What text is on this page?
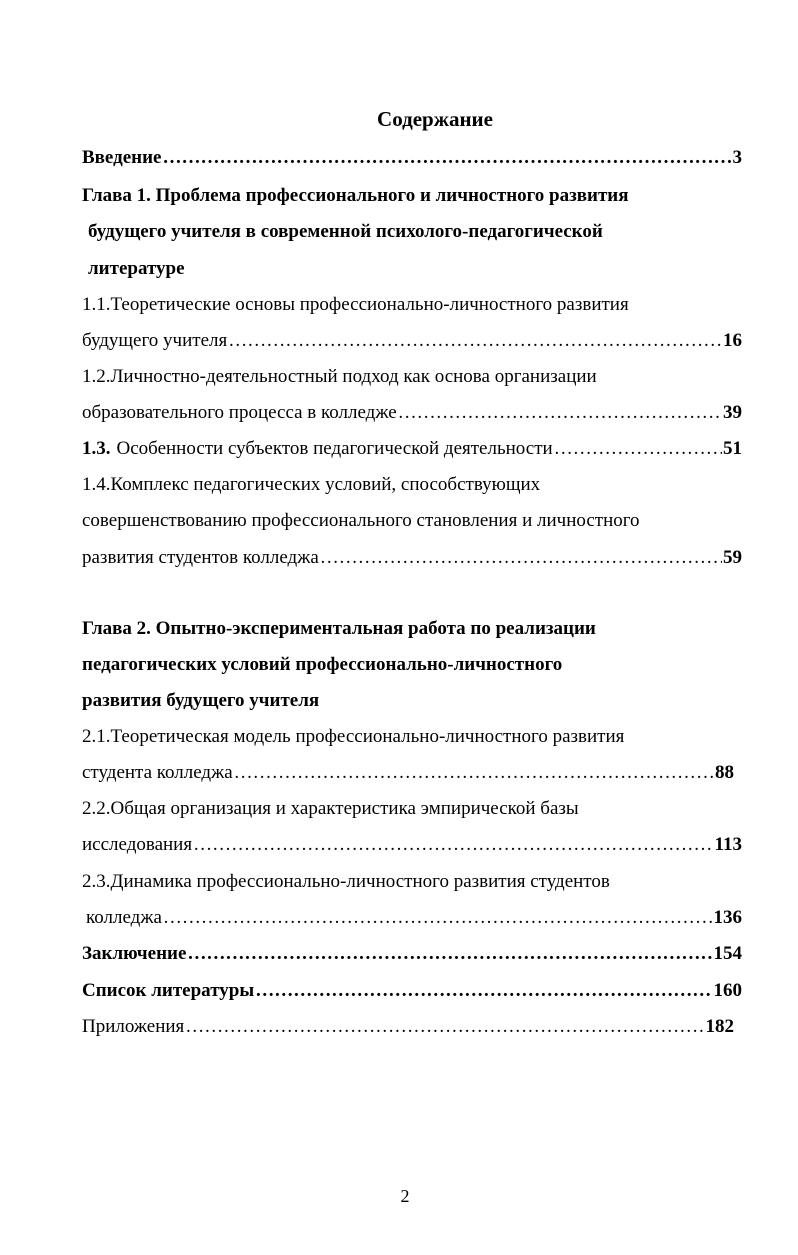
Содержание
Введение ……………………………………………………………………………………………………………………………………………………	3
Глава 1. Проблема профессионального и личностного развития
будущего учителя в современной психолого-педагогической
литературе
1.1.Теоретические основы профессионально-личностного развития
будущего учителя ……………………………………………………………………………………………………………………………………………………	16
1.2.Личностно-деятельностный подход как основа организации
образовательного процесса в колледже ……………………………………………………………………………………………………………………………………………………	39
1.3. Особенности субъектов педагогической деятельности ……………………………………………………………………………………………………………………………………………………	51
1.4.Комплекс педагогических условий, способствующих
совершенствованию профессионального становления и личностного
развития студентов колледжа ……………………………………………………………………………………………………………………………………………………	59
Глава 2. Опытно-экспериментальная работа по реализации
педагогических условий профессионально-личностного
развития будущего учителя
2.1.Теоретическая модель профессионально-личностного развития
студента колледжа ……………………………………………………………………………………………………………………………………………………	88
2.2.Общая организация и характеристика эмпирической базы
исследования ……………………………………………………………………………………………………………………………………………………	113
2.3.Динамика профессионально-личностного развития студентов
колледжа ……………………………………………………………………………………………………………………………………………………	136
Заключение ……………………………………………………………………………………………………………………………………………………	154
Список литературы ……………………………………………………………………………………………………………………………………………………	160
Приложения ……………………………………………………………………………………………………………………………………………………	182
2
